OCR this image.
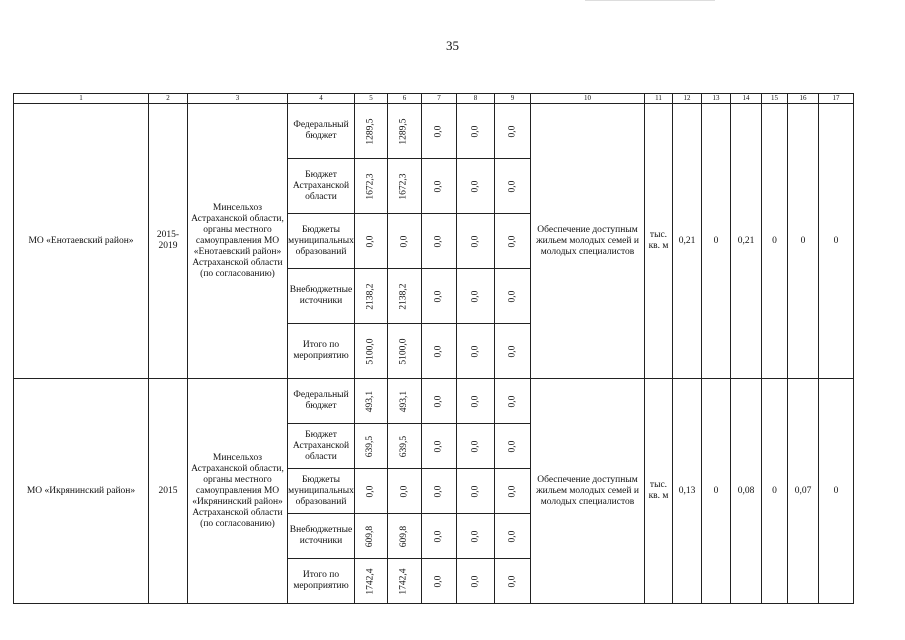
35
1	2	3	4	5	6	7	8	9	10	11	12	13	14	15	16	17
МО «Енотаевский район»	2015-2019	Минсельхоз Астраханской области, органы местного самоуправления МО «Енотаевский район» Астраханской области (по согласованию)	Федеральный бюджет	1289,5	1289,5	0,0	0,0	0,0	Обеспечение доступным жильем молодых семей и молодых специалистов	тыс. кв. м	0,21	0	0,21	0	0	0
			Бюджет Астраханской области	1672,3	1672,3	0,0	0,0	0,0								
			Бюджеты муниципальных образований	0,0	0,0	0,0	0,0	0,0								
			Внебюджетные источники	2138,2	2138,2	0,0	0,0	0,0								
			Итого по мероприятию	5100,0	5100,0	0,0	0,0	0,0								
МО «Икрянинский район»	2015	Минсельхоз Астраханской области, органы местного самоуправления МО «Икрянинский район» Астраханской области (по согласованию)	Федеральный бюджет	493,1	493,1	0,0	0,0	0,0	Обеспечение доступным жильем молодых семей и молодых специалистов	тыс. кв. м	0,13	0	0,08	0	0,07	0
			Бюджет Астраханской области	639,5	639,5	0,0	0,0	0,0								
			Бюджеты муниципальных образований	0,0	0,0	0,0	0,0	0,0								
			Внебюджетные источники	609,8	609,8	0,0	0,0	0,0								
			Итого по мероприятию	1742,4	1742,4	0,0	0,0	0,0								
